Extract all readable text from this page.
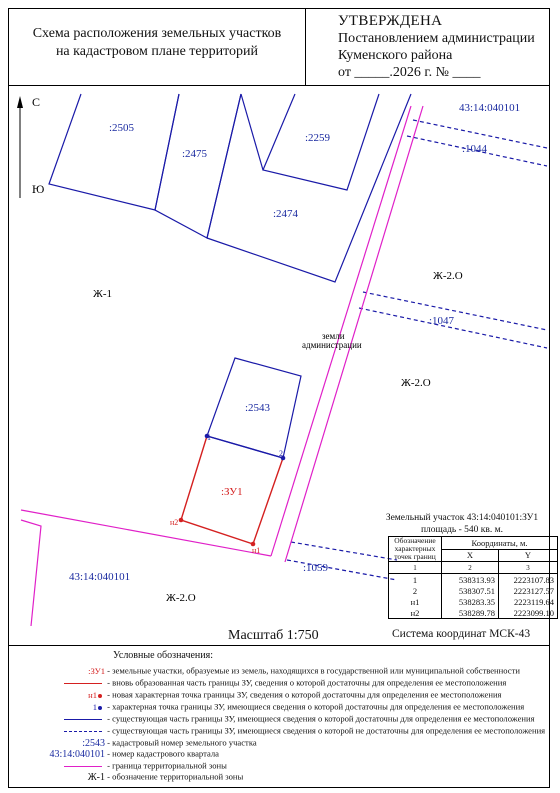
Схема расположения земельных участков
на кадастровом плане территорий
УТВЕРЖДЕНА
Постановлением администрации
Куменского района
от _____.2026 г. № ____
С
Ю
1
2
н1
н2
:2505
:2475
:2259
:2474
:1044
:1047
:2543
:1059
:ЗУ1
43:14:040101
43:14:040101
Ж-1
Ж-2.О
Ж-2.О
Ж-2.О
земли
администрации
Земельный участок 43:14:040101:ЗУ1
площадь - 540 кв. м.
Обозначение характерных точек границ	Координаты, м.	
	X	Y
1	2	3
1	538313.93	2223107.83
2	538307.51	2223127.57
н1	538283.35	2223119.64
н2	538289.78	2223099.10
Масштаб 1:750	Система координат МСК-43
Условные обозначения:
:ЗУ1 - земельные участки, образуемые из земель, находящихся в государственной или муниципальной собственности
- вновь образованная часть границы ЗУ, сведения о которой достаточны для определения ее местоположения
н1 - новая характерная точка границы ЗУ, сведения о которой достаточны для определения ее местоположения
1 - характерная точка границы ЗУ, имеющиеся сведения о которой достаточны для определения ее местоположения
- существующая часть границы ЗУ, имеющиеся сведения о которой достаточны для определения ее местоположения
- существующая часть границы ЗУ, имеющиеся сведения о которой не достаточны для определения ее местоположения
:2543 - кадастровый номер земельного участка
43:14:040101 - номер кадастрового квартала
- граница территориальной зоны
Ж-1 - обозначение территориальной зоны
